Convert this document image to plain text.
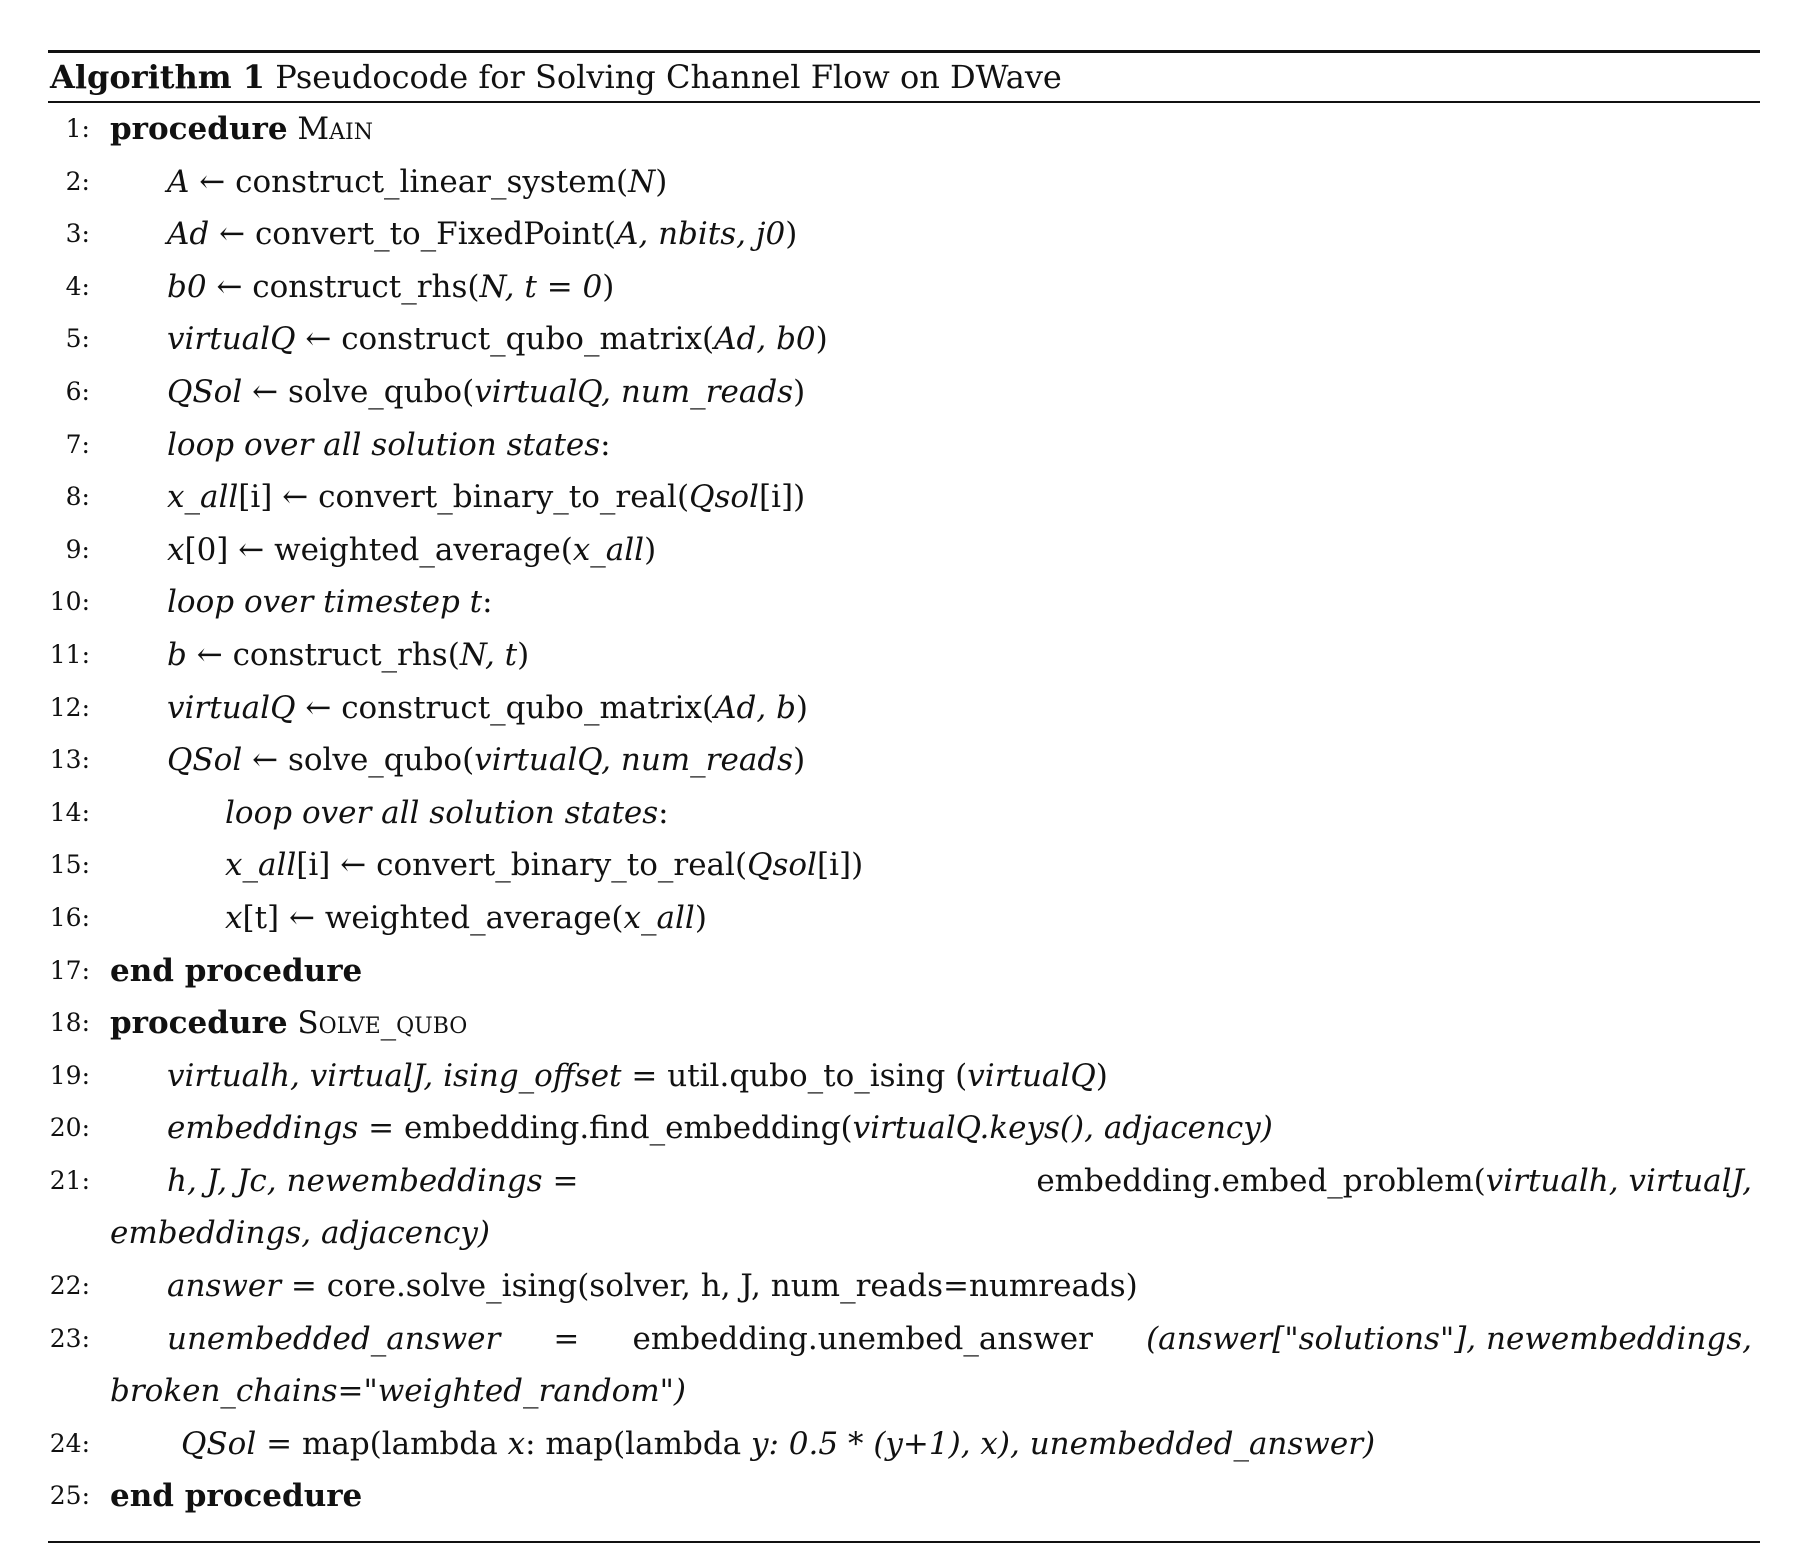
Algorithm 1 Pseudocode for Solving Channel Flow on DWave
1: procedure Main
2:	A ← construct_linear_system(N)
3:	Ad ← convert_to_FixedPoint(A, nbits, j0)
4:	b0 ← construct_rhs(N, t = 0)
5:	virtualQ ← construct_qubo_matrix(Ad, b0)
6:	QSol ← solve_qubo(virtualQ, num_reads)
7:	loop over all solution states:
8:	x_all[i] ← convert_binary_to_real(Qsol[i])
9:	x[0] ← weighted_average(x_all)
10:	loop over timestep t:
11:	b ← construct_rhs(N, t)
12:	virtualQ ← construct_qubo_matrix(Ad, b)
13:	QSol ← solve_qubo(virtualQ, num_reads)
14:	loop over all solution states:
15:	x_all[i] ← convert_binary_to_real(Qsol[i])
16:	x[t] ← weighted_average(x_all)
17: end procedure
18: procedure Solve_qubo
19:	virtualh, virtualJ, ising_offset = util.qubo_to_ising (virtualQ)
20:	embeddings = embedding.find_embedding(virtualQ.keys(), adjacency)
21: h, J, Jc, newembeddings =	embedding.embed_problem(virtualh, virtualJ,
embeddings, adjacency)
22:	answer = core.solve_ising(solver, h, J, num_reads=numreads)
23: unembedded_answer = embedding.unembed_answer (answer["solutions"], newembeddings,
broken_chains="weighted_random")
24:	QSol = map(lambda x: map(lambda y: 0.5 * (y+1), x), unembedded_answer)
25: end procedure
